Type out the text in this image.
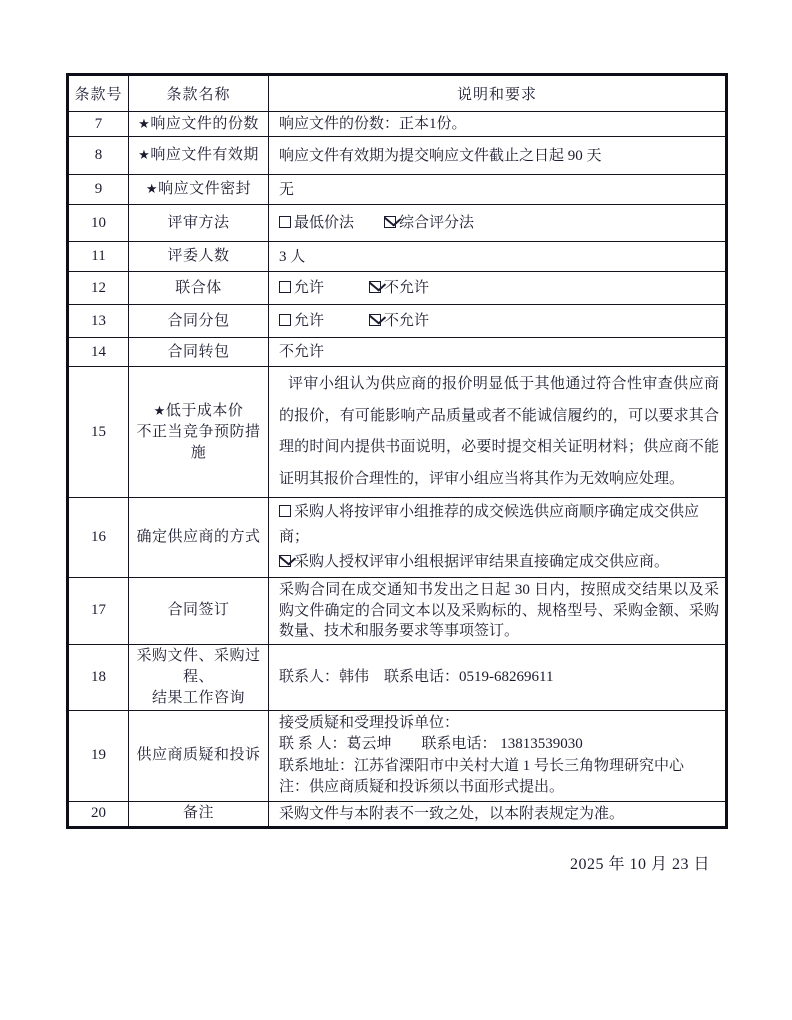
条款号	条款名称	说明和要求
7	★响应文件的份数	响应文件的份数：正本1份。

8	★响应文件有效期	响应文件有效期为提交响应文件截止之日起 90 天

9	★响应文件密封	无

10	评审方法	最低价法　　综合评分法

11	评委人数	3 人

12	联合体	允许　　　不允许

13	合同分包	允许　　　不允许

14	合同转包	不允许

15	★低于成本价
不正当竞争预防措施	评审小组认为供应商的报价明显低于其他通过符合性审查供应商的报价，有可能影响产品质量或者不能诚信履约的，可以要求其合理的时间内提供书面说明，必要时提交相关证明材料；供应商不能证明其报价合理性的，评审小组应当将其作为无效响应处理。

16	确定供应商的方式	采购人将按评审小组推荐的成交候选供应商顺序确定成交供应商；
采购人授权评审小组根据评审结果直接确定成交供应商。

17	合同签订	采购合同在成交通知书发出之日起 30 日内，按照成交结果以及采购文件确定的合同文本以及采购标的、规格型号、采购金额、采购数量、技术和服务要求等事项签订。

18	采购文件、采购过程、
结果工作咨询	联系人：韩伟　联系电话：0519-68269611

19	供应商质疑和投诉	接受质疑和受理投诉单位：
联 系 人：葛云坤　　联系电话： 13813539030
联系地址：江苏省溧阳市中关村大道 1 号长三角物理研究中心
注：供应商质疑和投诉须以书面形式提出。

20	备注	采购文件与本附表不一致之处，以本附表规定为准。
2025 年 10 月 23 日
